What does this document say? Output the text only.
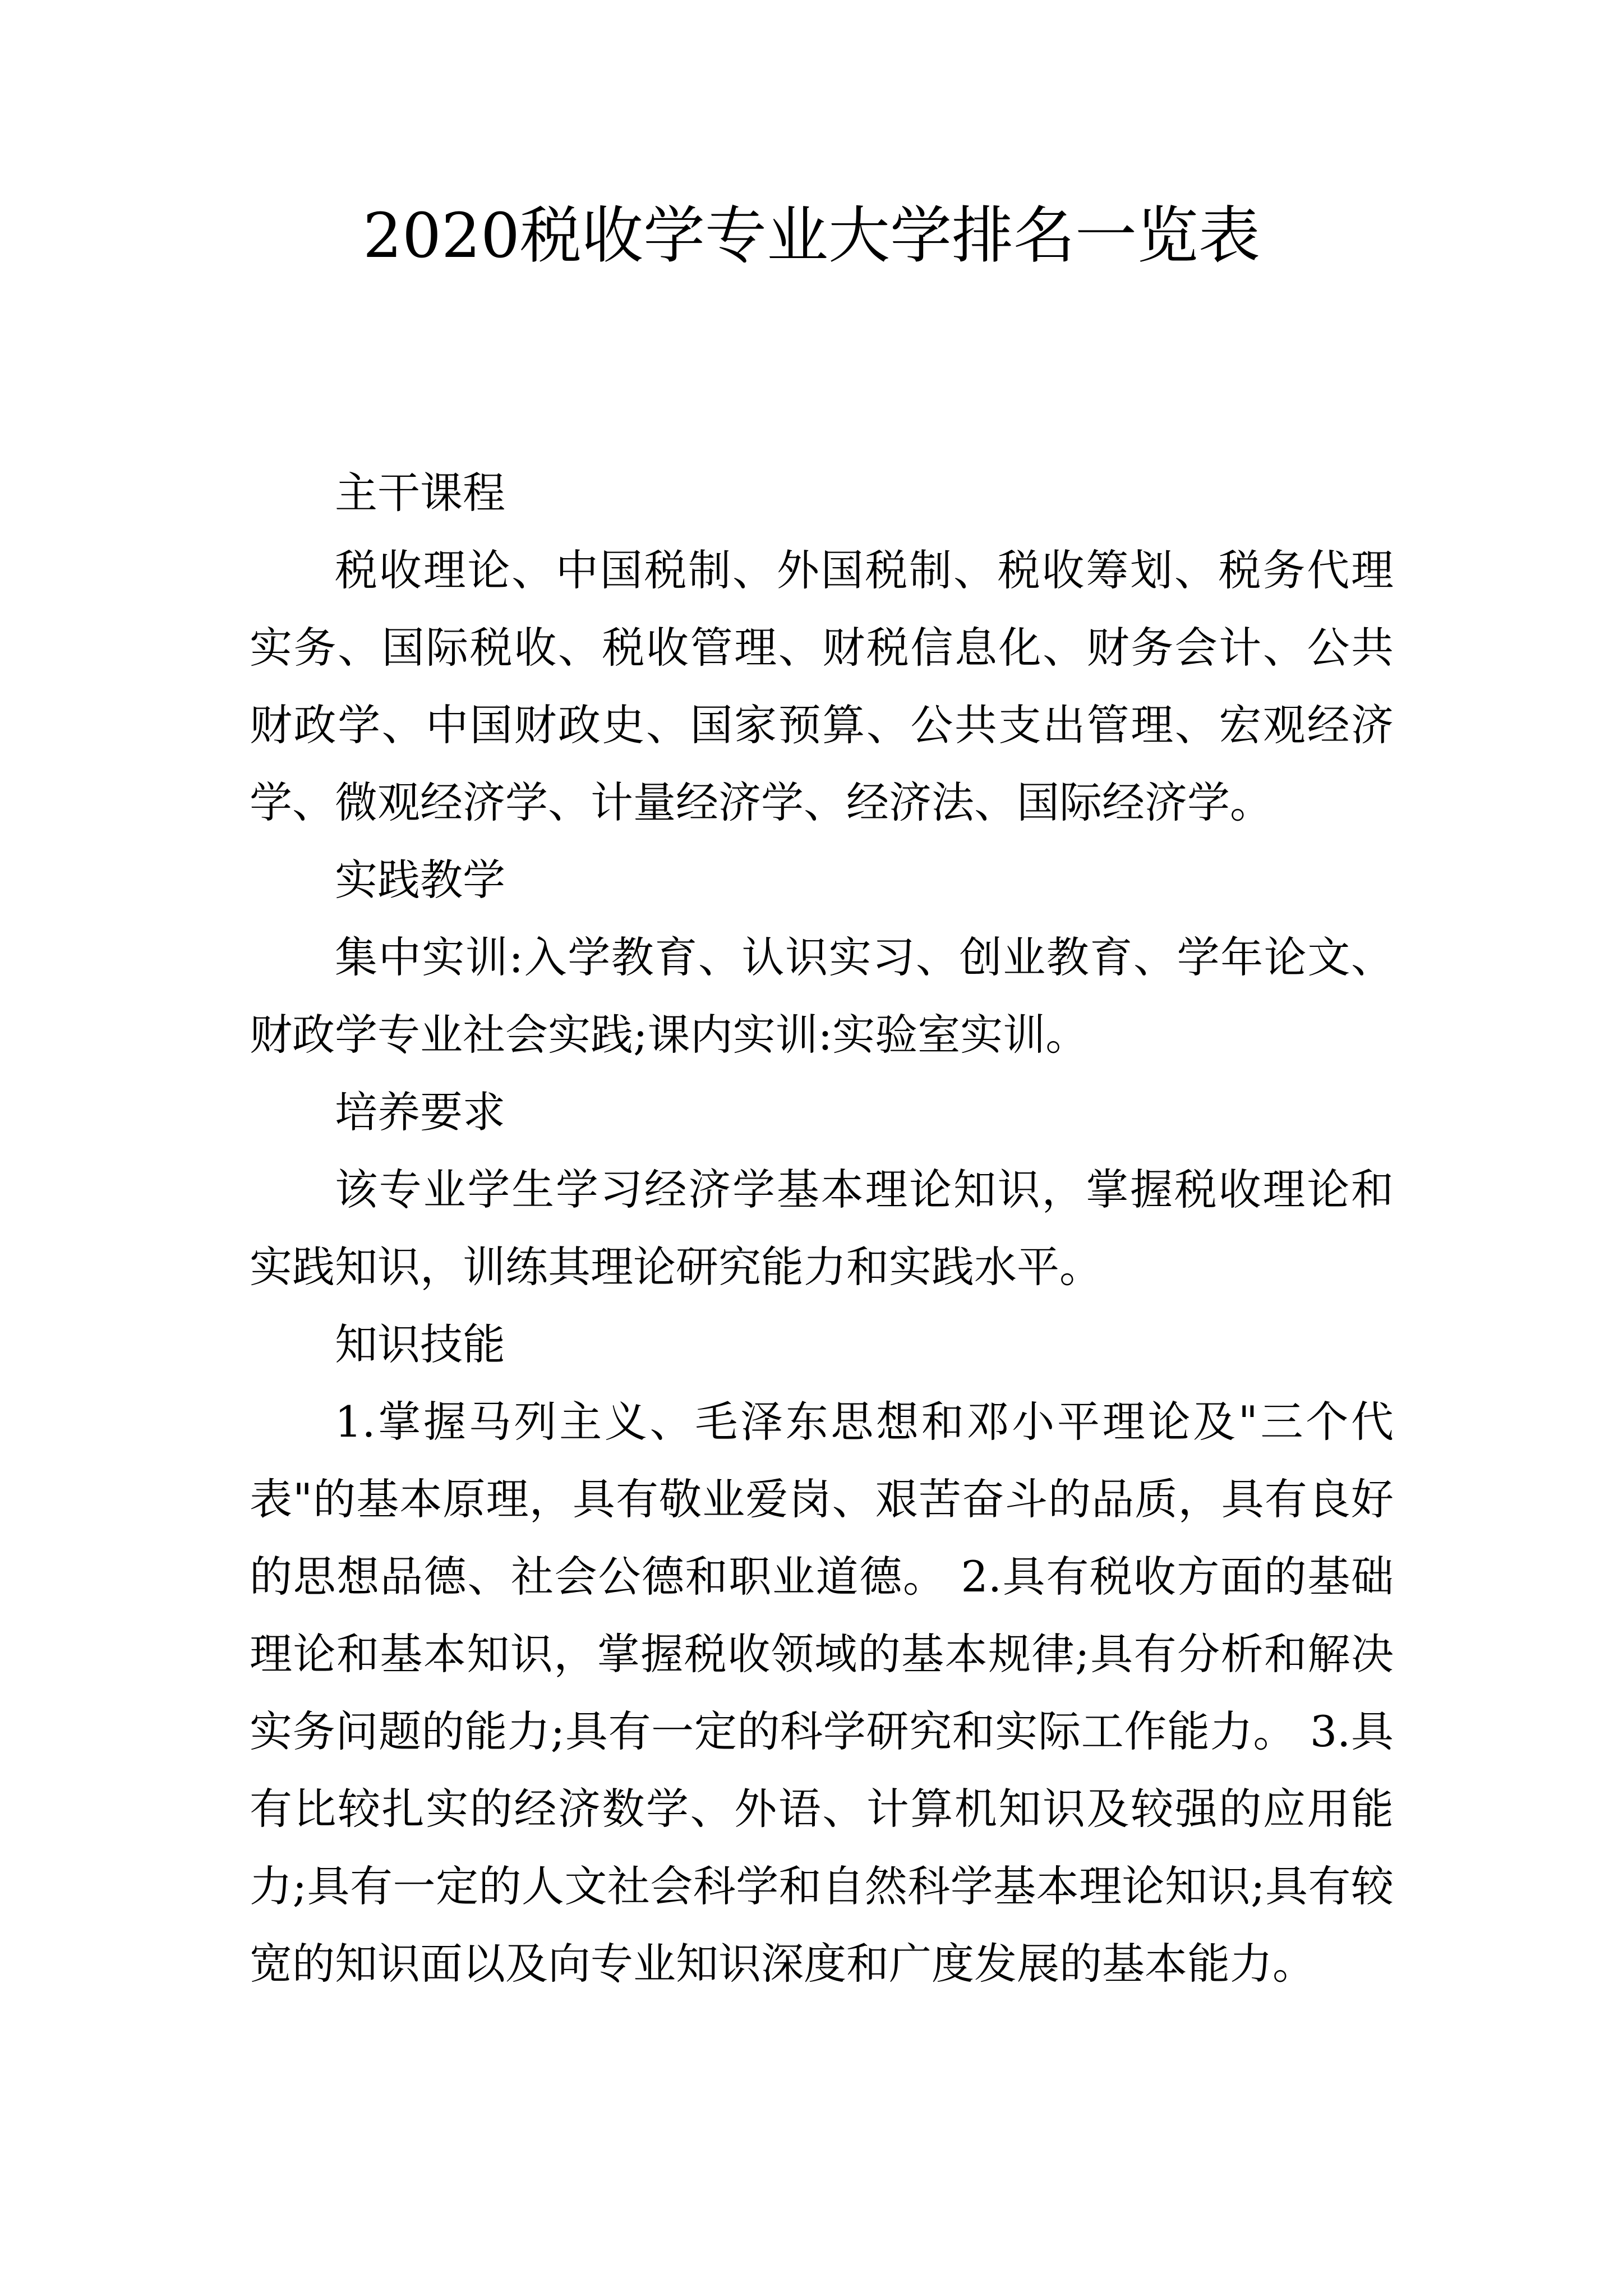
2020税收学专业大学排名一览表
主干课程

税收理论、中国税制、外国税制、税收筹划、税务代理实务、国际税收、税收管理、财税信息化、财务会计、公共财政学、中国财政史、国家预算、公共支出管理、宏观经济学、微观经济学、计量经济学、经济法、国际经济学。

实践教学

集中实训:入学教育、认识实习、创业教育、学年论文、财政学专业社会实践;课内实训:实验室实训。

培养要求

该专业学生学习经济学基本理论知识，掌握税收理论和实践知识，训练其理论研究能力和实践水平。

知识技能

1.掌握马列主义、毛泽东思想和邓小平理论及"三个代表"的基本原理，具有敬业爱岗、艰苦奋斗的品质，具有良好的思想品德、社会公德和职业道德。 2.具有税收方面的基础理论和基本知识，掌握税收领域的基本规律;具有分析和解决实务问题的能力;具有一定的科学研究和实际工作能力。 3.具有比较扎实的经济数学、外语、计算机知识及较强的应用能力;具有一定的人文社会科学和自然科学基本理论知识;具有较宽的知识面以及向专业知识深度和广度发展的基本能力。
